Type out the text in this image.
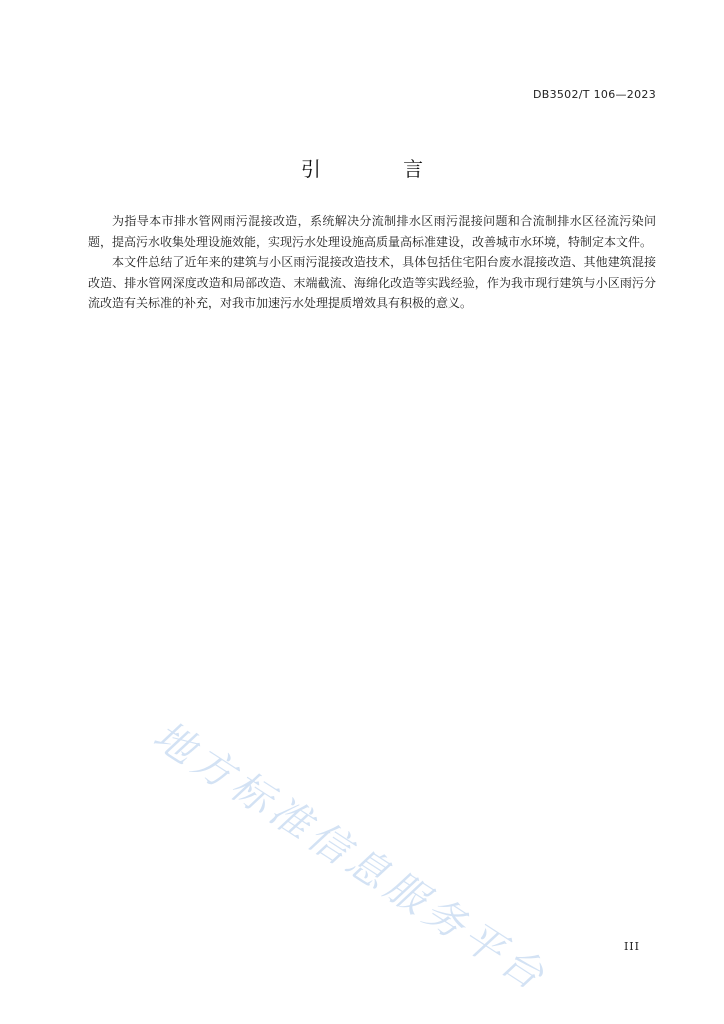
DB3502/T 106—2023
引 言

为指导本市排水管网雨污混接改造，系统解决分流制排水区雨污混接问题和合流制排水区径流污染问题，提高污水收集处理设施效能，实现污水处理设施高质量高标准建设，改善城市水环境，特制定本文件。

本文件总结了近年来的建筑与小区雨污混接改造技术，具体包括住宅阳台废水混接改造、其他建筑混接改造、排水管网深度改造和局部改造、末端截流、海绵化改造等实践经验，作为我市现行建筑与小区雨污分流改造有关标准的补充，对我市加速污水处理提质增效具有积极的意义。

地方标准信息服务平台	III
